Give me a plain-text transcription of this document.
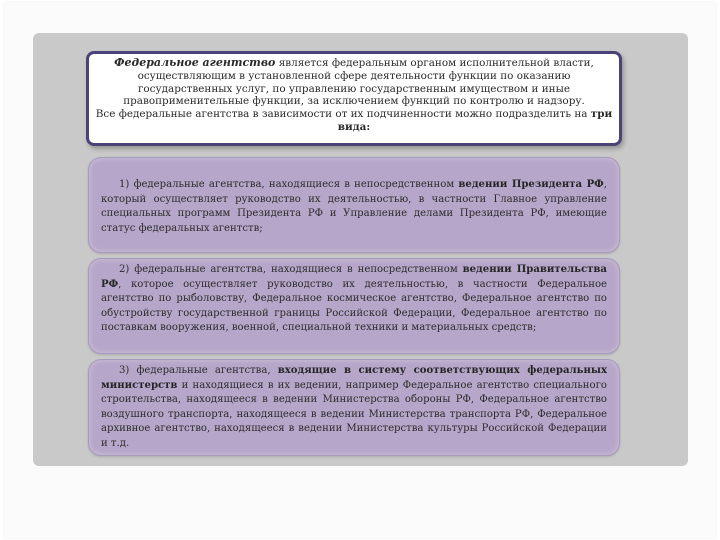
Федеральное агентство является федеральным органом исполнительной власти, осуществляющим в установленной сфере деятельности функции по оказанию государственных услуг, по управлению государственным имуществом и иные правоприменительные функции, за исключением функций по контролю и надзору.
Все федеральные агентства в зависимости от их подчиненности можно подразделить на три вида:
1) федеральные агентства, находящиеся в непосредственном ведении Президента РФ, который осуществляет руководство их деятельностью, в частности Главное управление специальных программ Президента РФ и Управление делами Президента РФ, имеющие статус федеральных агентств;
2) федеральные агентства, находящиеся в непосредственном ведении Правительства РФ, которое осуществляет руководство их деятельностью, в частности Федеральное агентство по рыболовству, Федеральное космическое агентство, Федеральное агентство по обустройству государственной границы Российской Федерации, Федеральное агентство по поставкам вооружения, военной, специальной техники и материальных средств;
3) федеральные агентства, входящие в систему соответствующих федеральных министерств и находящиеся в их ведении, например Федеральное агентство специального строительства, находящееся в ведении Министерства обороны РФ, Федеральное агентство воздушного транспорта, находящееся в ведении Министерства транспорта РФ, Федеральное архивное агентство, находящееся в ведении Министерства культуры Российской Федерации и т.д.
